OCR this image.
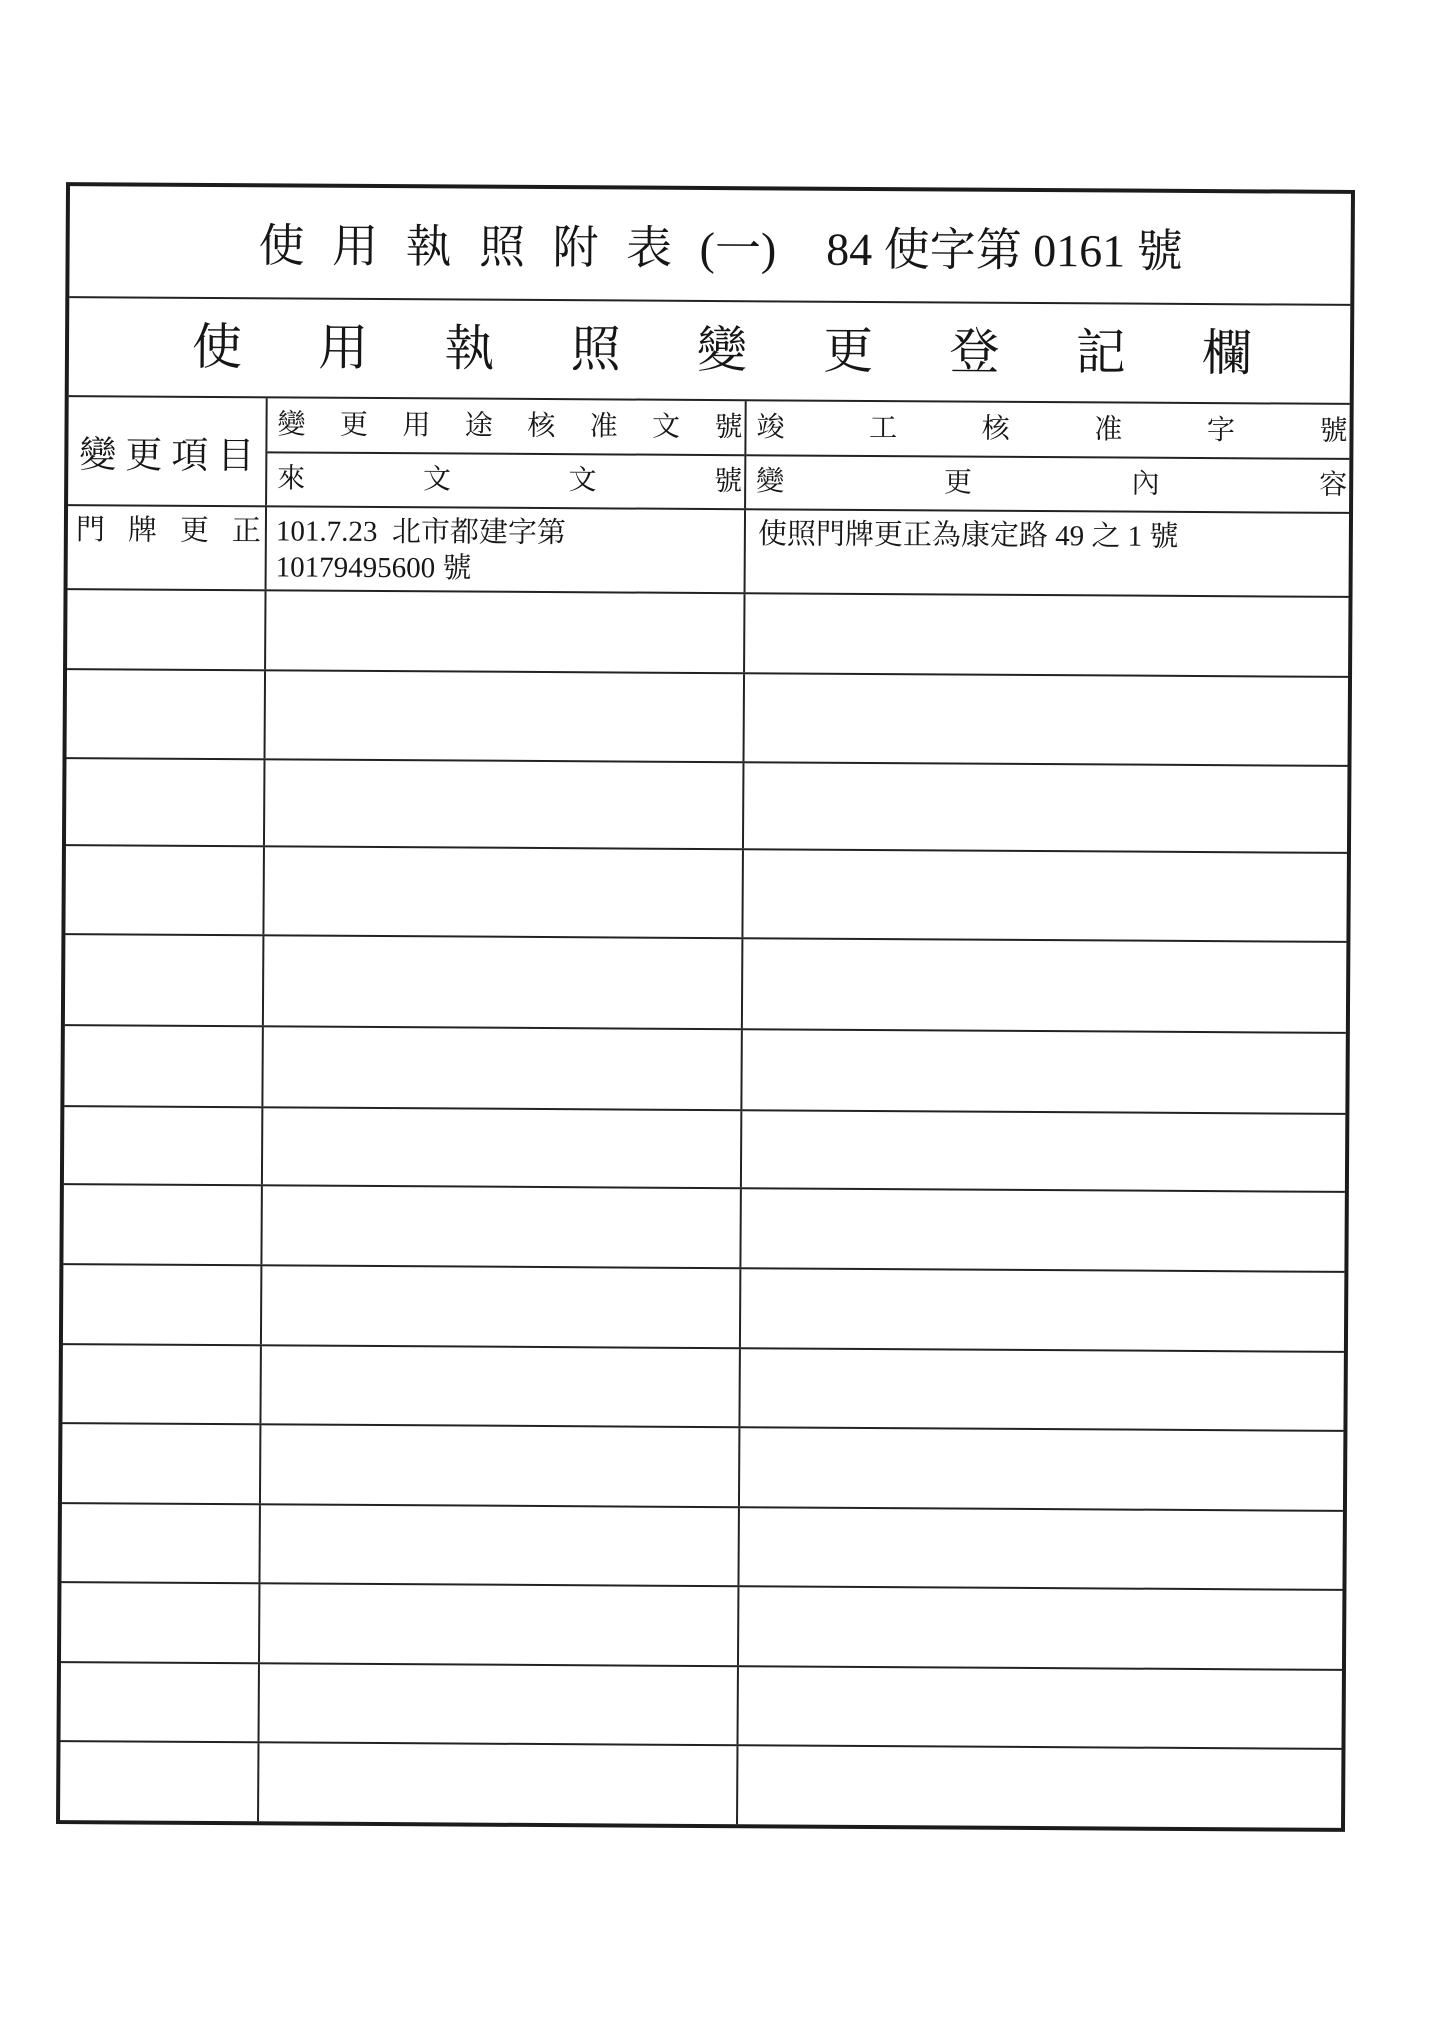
使 用 執 照 附 表 (一) 84 使字第 0161 號
使 用 執 照 變 更 登 記 欄
變更項目
變 更 用 途 核 准 文 號
來 文 文 號
竣 工 核 准 字 號
變 更 內 容
門 牌 更 正 101.7.23  北市都建字第
10179495600 號
使照門牌更正為康定路 49 之 1 號
